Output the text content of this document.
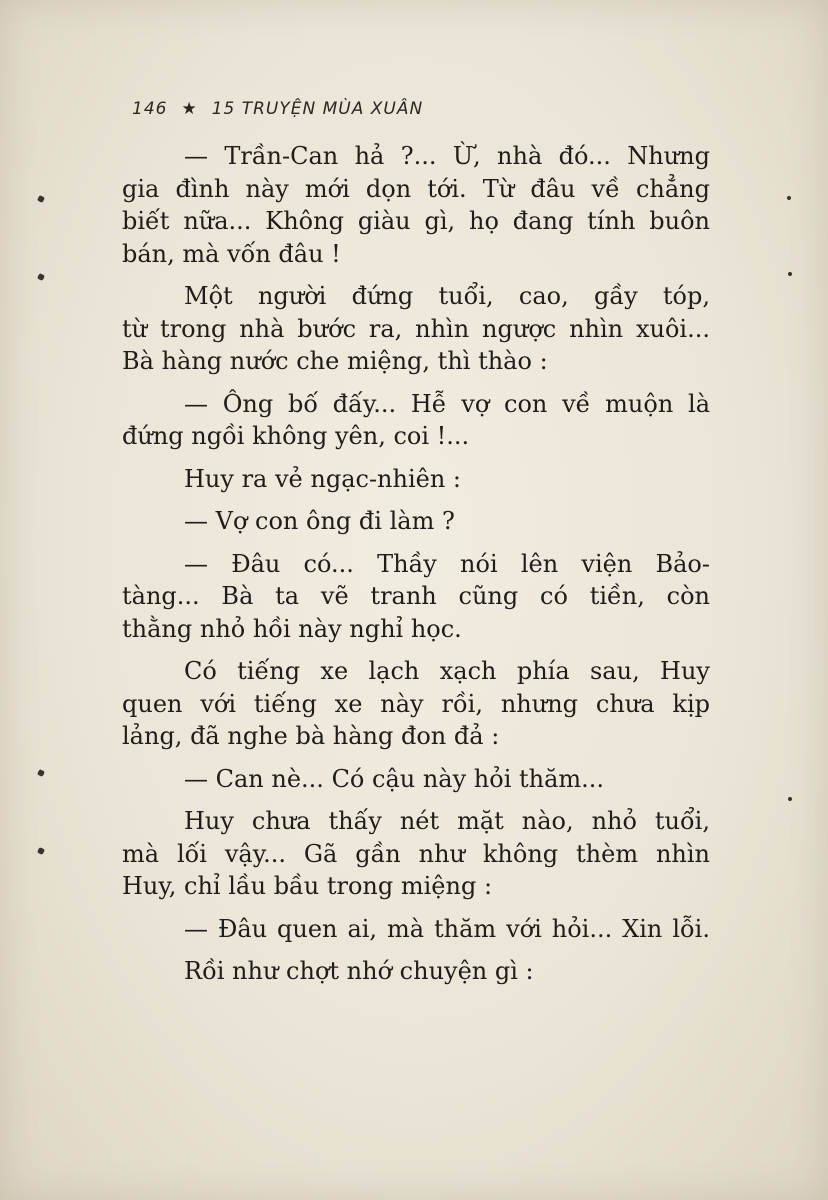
146 ★ 15 TRUYỆN MÙA XUÂN
— Trần-Can hả ?... Ừ, nhà đó... Nhưng
gia đình này mới dọn tới. Từ đâu về chẳng
biết nữa... Không giàu gì, họ đang tính buôn
bán, mà vốn đâu !
Một người đứng tuổi, cao, gầy tóp,
từ trong nhà bước ra, nhìn ngược nhìn xuôi...
Bà hàng nước che miệng, thì thào :
— Ông bố đấy... Hễ vợ con về muộn là
đứng ngồi không yên, coi !...
Huy ra vẻ ngạc-nhiên :
— Vợ con ông đi làm ?
— Đâu có... Thầy nói lên viện Bảo-
tàng... Bà ta vẽ tranh cũng có tiền, còn
thằng nhỏ hồi này nghỉ học.
Có tiếng xe lạch xạch phía sau, Huy
quen với tiếng xe này rồi, nhưng chưa kịp
lảng, đã nghe bà hàng đon đả :
— Can nè... Có cậu này hỏi thăm...
Huy chưa thấy nét mặt nào, nhỏ tuổi,
mà lối vậy... Gã gần như không thèm nhìn
Huy, chỉ lầu bầu trong miệng :
— Đâu quen ai, mà thăm với hỏi... Xin lỗi.
Rồi như chợt nhớ chuyện gì :
